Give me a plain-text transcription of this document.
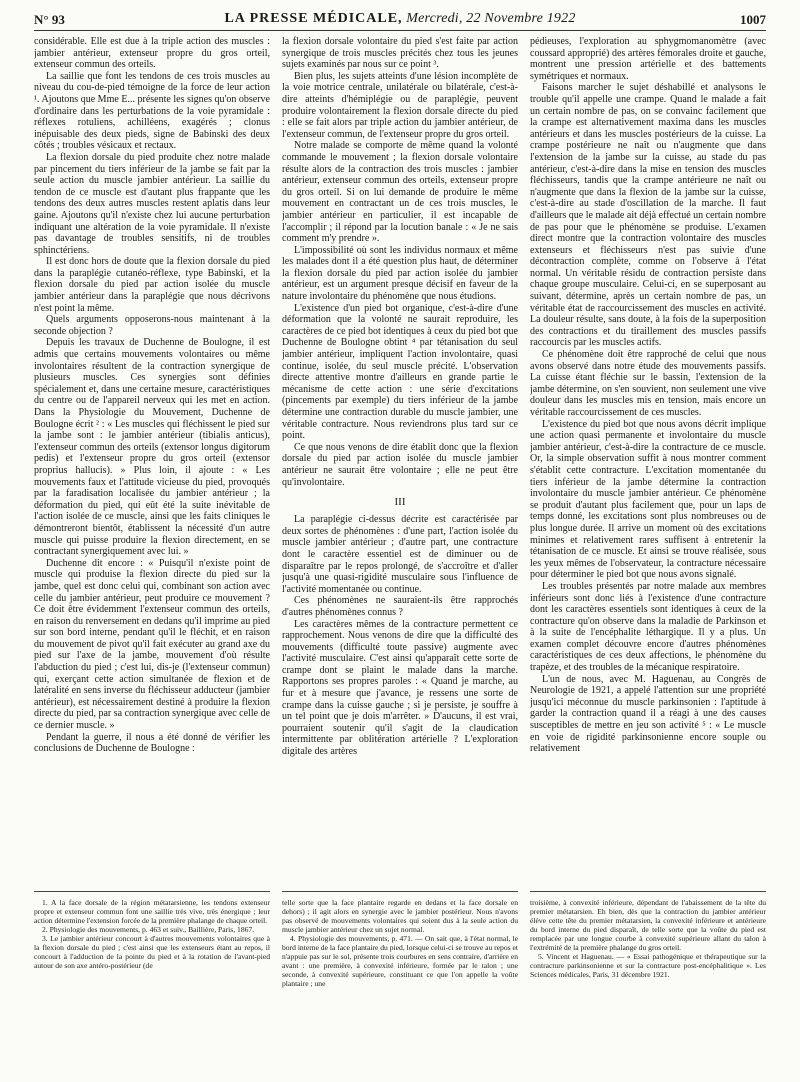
N° 93	LA PRESSE MÉDICALE, Mercredi, 22 Novembre 1922	1007

considérable. Elle est due à la triple action des muscles : jambier antérieur, extenseur propre du gros orteil, extenseur commun des orteils.

La saillie que font les tendons de ces trois muscles au niveau du cou-de-pied témoigne de la force de leur action ¹. Ajoutons que Mme E... présente les signes qu'on observe d'ordinaire dans les perturbations de la voie pyramidale : réflexes rotuliens, achilléens, exagérés ; clonus inépuisable des deux pieds, signe de Babinski des deux côtés ; troubles vésicaux et rectaux.

La flexion dorsale du pied produite chez notre malade par pincement du tiers inférieur de la jambe se fait par la seule action du muscle jambier antérieur. La saillie du tendon de ce muscle est d'autant plus frappante que les tendons des deux autres muscles restent aplatis dans leur gaine. Ajoutons qu'il n'existe chez lui aucune perturbation indiquant une altération de la voie pyramidale. Il n'existe pas davantage de troubles sensitifs, ni de troubles sphinctériens.

Il est donc hors de doute que la flexion dorsale du pied dans la paraplégie cutanéo-réflexe, type Babinski, et la flexion dorsale du pied par action isolée du muscle jambier antérieur dans la paraplégie que nous décrivons n'est point la même.

Quels arguments opposerons-nous maintenant à la seconde objection ?

Depuis les travaux de Duchenne de Boulogne, il est admis que certains mouvements volontaires ou même involontaires résultent de la contraction synergique de plusieurs muscles. Ces synergies sont définies spécialement et, dans une certaine mesure, caractéristiques du centre ou de l'appareil nerveux qui les met en action. Dans la Physiologie du Mouvement, Duchenne de Boulogne écrit ² : « Les muscles qui fléchissent le pied sur la jambe sont : le jambier antérieur (tibialis anticus), l'extenseur commun des orteils (extensor longus digitorum pedis) et l'extenseur propre du gros orteil (extensor proprius hallucis). » Plus loin, il ajoute : « Les mouvements faux et l'attitude vicieuse du pied, provoqués par la faradisation localisée du jambier antérieur ; la déformation du pied, qui eût été la suite inévitable de l'action isolée de ce muscle, ainsi que les faits cliniques le démontreront bientôt, établissent la nécessité d'un autre muscle qui puisse produire la flexion directement, en se contractant synergiquement avec lui. »

Duchenne dit encore : « Puisqu'il n'existe point de muscle qui produise la flexion directe du pied sur la jambe, quel est donc celui qui, combinant son action avec celle du jambier antérieur, peut produire ce mouvement ? Ce doit être évidemment l'extenseur commun des orteils, en raison du renversement en dedans qu'il imprime au pied sur son bord interne, pendant qu'il le fléchit, et en raison du mouvement de pivot qu'il fait exécuter au grand axe du pied sur l'axe de la jambe, mouvement d'où résulte l'abduction du pied ; c'est lui, dis-je (l'extenseur commun) qui, exerçant cette action simultanée de flexion et de latéralité en sens inverse du fléchisseur adducteur (jambier antérieur), est nécessairement destiné à produire la flexion directe du pied, par sa contraction synergique avec celle de ce dernier muscle. »

Pendant la guerre, il nous a été donné de vérifier les conclusions de Duchenne de Boulogne :

1. A la face dorsale de la région métatarsienne, les tendons extenseur propre et extenseur commun font une saillie très vive, très énergique ; leur action détermine l'extension forcée de la première phalange de chaque orteil.

2. Physiologie des mouvements, p. 463 et suiv., Baillière, Paris, 1867.

3. Le jambier antérieur concourt à d'autres mouvements volontaires que à la flexion dorsale du pied ; c'est ainsi que les extenseurs étant au repos, il concourt à l'adduction de la pointe du pied et à la rotation de l'avant-pied autour de son axe antéro-postérieur (de

la flexion dorsale volontaire du pied s'est faite par action synergique de trois muscles précités chez tous les jeunes sujets examinés par nous sur ce point ³.

Bien plus, les sujets atteints d'une lésion incomplète de la voie motrice centrale, unilatérale ou bilatérale, c'est-à-dire atteints d'hémiplégie ou de paraplégie, peuvent produire volontairement la flexion dorsale directe du pied : elle se fait alors par triple action du jambier antérieur, de l'extenseur commun, de l'extenseur propre du gros orteil.

Notre malade se comporte de même quand la volonté commande le mouvement ; la flexion dorsale volontaire résulte alors de la contraction des trois muscles : jambier antérieur, extenseur commun des orteils, extenseur propre du gros orteil. Si on lui demande de produire le même mouvement en contractant un de ces trois muscles, le jambier antérieur en particulier, il est incapable de l'accomplir ; il répond par la locution banale : « Je ne sais comment m'y prendre ».

L'impossibilité où sont les individus normaux et même les malades dont il a été question plus haut, de déterminer la flexion dorsale du pied par action isolée du jambier antérieur, est un argument presque décisif en faveur de la nature involontaire du phénomène que nous étudions.

L'existence d'un pied bot organique, c'est-à-dire d'une déformation que la volonté ne saurait reproduire, les caractères de ce pied bot identiques à ceux du pied bot que Duchenne de Boulogne obtint ⁴ par tétanisation du seul jambier antérieur, impliquent l'action involontaire, quasi continue, isolée, du seul muscle précité. L'observation directe attentive montre d'ailleurs en grande partie le mécanisme de cette action : une série d'excitations (pincements par exemple) du tiers inférieur de la jambe détermine une contraction durable du muscle jambier, une véritable contracture. Nous reviendrons plus tard sur ce point.

Ce que nous venons de dire établit donc que la flexion dorsale du pied par action isolée du muscle jambier antérieur ne saurait être volontaire ; elle ne peut être qu'involontaire.

III

La paraplégie ci-dessus décrite est caractérisée par deux sortes de phénomènes : d'une part, l'action isolée du muscle jambier antérieur ; d'autre part, une contracture dont le caractère essentiel est de diminuer ou de disparaître par le repos prolongé, de s'accroître et d'aller jusqu'à une quasi-rigidité musculaire sous l'influence de l'activité momentanée ou continue.

Ces phénomènes ne sauraient-ils être rapprochés d'autres phénomènes connus ?

Les caractères mêmes de la contracture permettent ce rapprochement. Nous venons de dire que la difficulté des mouvements (difficulté toute passive) augmente avec l'activité musculaire. C'est ainsi qu'apparaît cette sorte de crampe dont se plaint le malade dans la marche. Rapportons ses propres paroles : « Quand je marche, au fur et à mesure que j'avance, je ressens une sorte de crampe dans la cuisse gauche ; si je persiste, je souffre à un tel point que je dois m'arrêter. » D'aucuns, il est vrai, pourraient soutenir qu'il s'agit de la claudication intermittente par oblitération artérielle ? L'exploration digitale des artères

telle sorte que la face plantaire regarde en dedans et la face dorsale en dehors) ; il agit alors en synergie avec le jambier postérieur. Nous n'avons pas observé de mouvements volontaires qui soient dus à la seule action du muscle jambier antérieur chez un sujet normal.

4. Physiologie des mouvements, p. 471. — On sait que, à l'état normal, le bord interne de la face plantaire du pied, lorsque celui-ci se trouve au repos et n'appuie pas sur le sol, présente trois courbures en sens contraire, d'arrière en avant : une première, à convexité inférieure, formée par le talon ; une seconde, à convexité supérieure, constituant ce que l'on appelle la voûte plantaire ; une

pédieuses, l'exploration au sphygmomanomètre (avec coussard approprié) des artères fémorales droite et gauche, montrent une pression artérielle et des battements symétriques et normaux.

Faisons marcher le sujet déshabillé et analysons le trouble qu'il appelle une crampe. Quand le malade a fait un certain nombre de pas, on se convainc facilement que la crampe est alternativement maxima dans les muscles antérieurs et dans les muscles postérieurs de la cuisse. La crampe postérieure ne naît ou n'augmente que dans l'extension de la jambe sur la cuisse, au stade du pas antérieur, c'est-à-dire dans la mise en tension des muscles fléchisseurs, tandis que la crampe antérieure ne naît ou n'augmente que dans la flexion de la jambe sur la cuisse, c'est-à-dire au stade d'oscillation de la marche. Il faut d'ailleurs que le malade ait déjà effectué un certain nombre de pas pour que le phénomène se produise. L'examen direct montre que la contraction volontaire des muscles extenseurs et fléchisseurs n'est pas suivie d'une décontraction complète, comme on l'observe à l'état normal. Un véritable résidu de contraction persiste dans chaque groupe musculaire. Celui-ci, en se superposant au suivant, détermine, après un certain nombre de pas, un véritable état de raccourcissement des muscles en activité. La douleur résulte, sans doute, à la fois de la superposition des contractions et du tiraillement des muscles passifs raccourcis par les muscles actifs.

Ce phénomène doit être rapproché de celui que nous avons observé dans notre étude des mouvements passifs. La cuisse étant fléchie sur le bassin, l'extension de la jambe détermine, on s'en souvient, non seulement une vive douleur dans les muscles mis en tension, mais encore un véritable raccourcissement de ces muscles.

L'existence du pied bot que nous avons décrit implique une action quasi permanente et involontaire du muscle jambier antérieur, c'est-à-dire la contracture de ce muscle. Or, la simple observation suffit à nous montrer comment s'établit cette contracture. L'excitation momentanée du tiers inférieur de la jambe détermine la contraction involontaire du muscle jambier antérieur. Ce phénomène se produit d'autant plus facilement que, pour un laps de temps donné, les excitations sont plus nombreuses ou de plus longue durée. Il arrive un moment où des excitations minimes et relativement rares suffisent à entretenir la tétanisation de ce muscle. Et ainsi se trouve réalisée, sous les yeux mêmes de l'observateur, la contracture nécessaire pour déterminer le pied bot que nous avons signalé.

Les troubles présentés par notre malade aux membres inférieurs sont donc liés à l'existence d'une contracture dont les caractères essentiels sont identiques à ceux de la contracture qu'on observe dans la maladie de Parkinson et à la suite de l'encéphalite léthargique. Il y a plus. Un examen complet découvre encore d'autres phénomènes caractéristiques de ces deux affections, le phénomène du trapèze, et des troubles de la mécanique respiratoire.

L'un de nous, avec M. Haguenau, au Congrès de Neurologie de 1921, a appelé l'attention sur une propriété jusqu'ici méconnue du muscle parkinsonien : l'aptitude à garder la contraction quand il a réagi à une des causes susceptibles de mettre en jeu son activité ⁵ : « Le muscle en voie de rigidité parkinsonienne encore souple ou relativement

troisième, à convexité inférieure, dépendant de l'abaissement de la tête du premier métatarsien. Eh bien, dès que la contraction du jambier antérieur élève cette tête du premier métatarsien, la convexité inférieure et antérieure du bord interne du pied disparaît, de telle sorte que la voûte du pied est remplacée par une longue courbe à convexité supérieure allant du talon à l'extrémité de la première phalange du gros orteil.

5. Vincent et Haguenau. — « Essai pathogénique et thérapeutique sur la contracture parkinsonienne et sur la contracture post-encéphalitique ». Les Sciences médicales, Paris, 31 décembre 1921.
